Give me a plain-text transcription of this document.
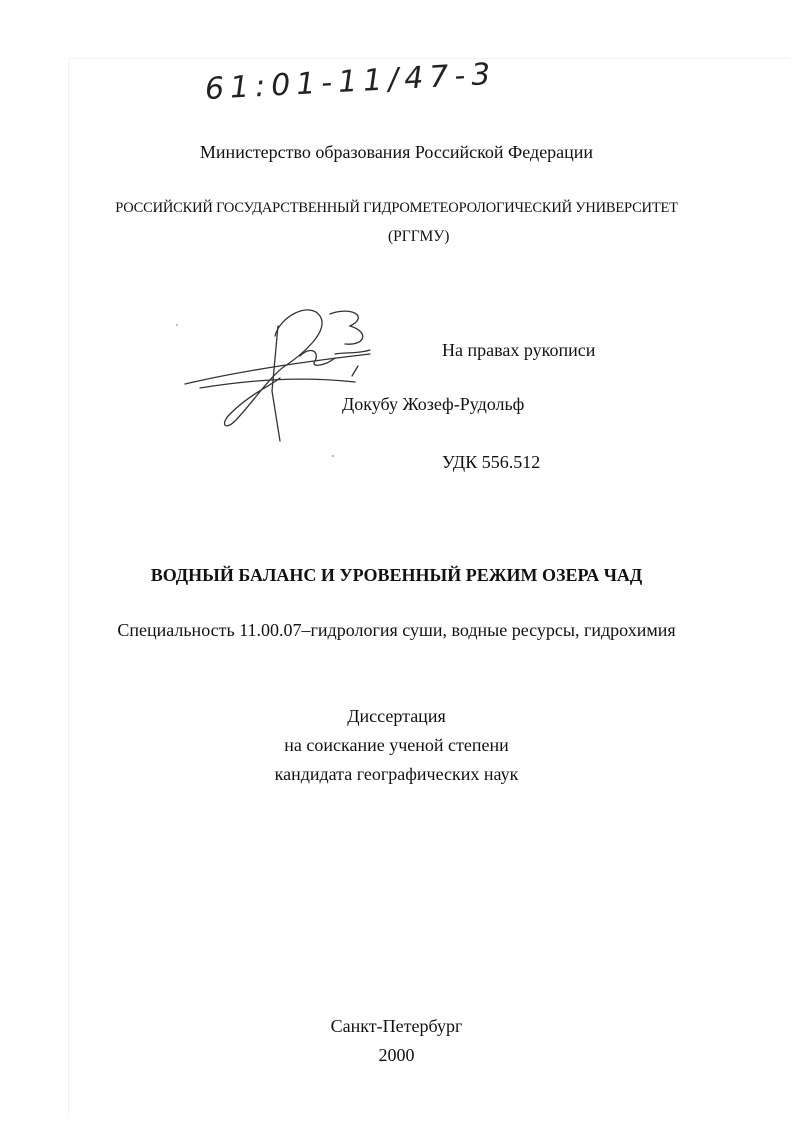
61:01-11/47-3
Министерство образования Российской Федерации
РОССИЙСКИЙ ГОСУДАРСТВЕННЫЙ ГИДРОМЕТЕОРОЛОГИЧЕСКИЙ УНИВЕРСИТЕТ
(РГГМУ)
На правах рукописи
Докубу Жозеф-Рудольф
УДК 556.512
ВОДНЫЙ БАЛАНС И УРОВЕННЫЙ РЕЖИМ ОЗЕРА ЧАД
Специальность 11.00.07–гидрология суши, водные ресурсы, гидрохимия
Диссертация
на соискание ученой степени
кандидата географических наук
Санкт-Петербург
2000
